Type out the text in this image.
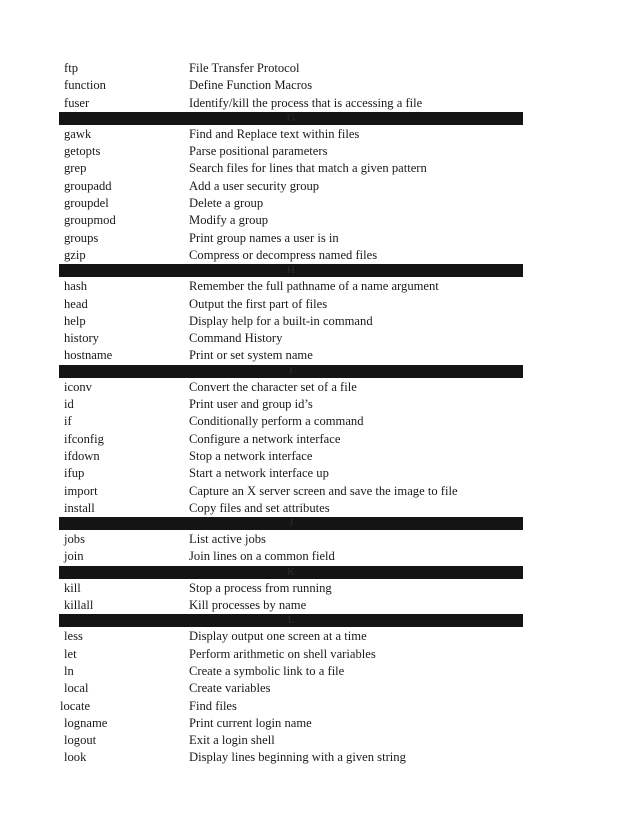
ftp	File Transfer Protocol
function	Define Function Macros
fuser	Identify/kill the process that is accessing a file
G
gawk	Find and Replace text within files
getopts	Parse positional parameters
grep	Search files for lines that match a given pattern
groupadd	Add a user security group
groupdel	Delete a group
groupmod	Modify a group
groups	Print group names a user is in
gzip	Compress or decompress named files
H
hash	Remember the full pathname of a name argument
head	Output the first part of files
help	Display help for a built-in command
history	Command History
hostname	Print or set system name
I
iconv	Convert the character set of a file
id	Print user and group id’s
if	Conditionally perform a command
ifconfig	Configure a network interface
ifdown	Stop a network interface
ifup	Start a network interface up
import	Capture an X server screen and save the image to file
install	Copy files and set attributes
J
jobs	List active jobs
join	Join lines on a common field
K
kill	Stop a process from running
killall	Kill processes by name
L
less	Display output one screen at a time
let	Perform arithmetic on shell variables
ln	Create a symbolic link to a file
local	Create variables
locate	Find files
logname	Print current login name
logout	Exit a login shell
look	Display lines beginning with a given string
